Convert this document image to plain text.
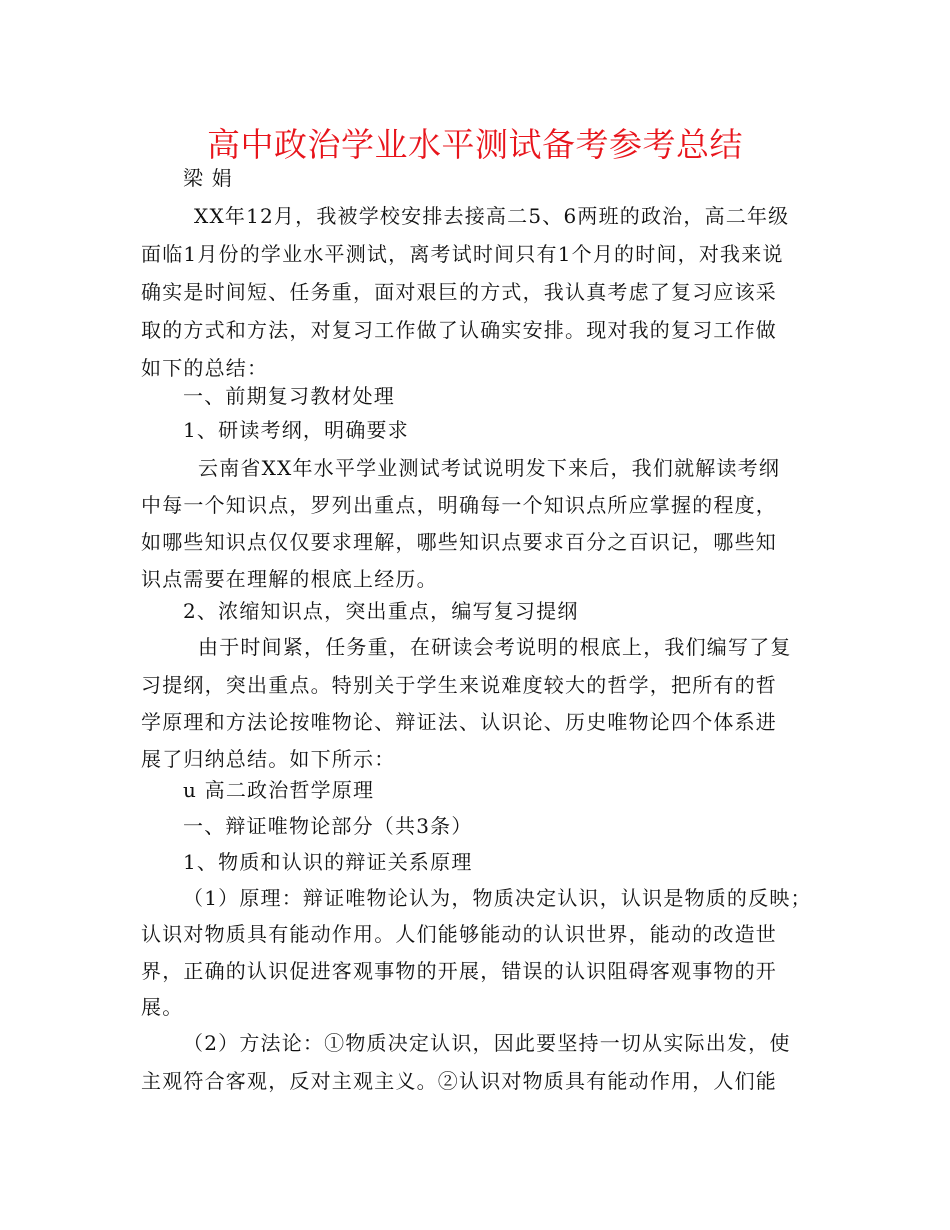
高中政治学业水平测试备考参考总结
梁 娟
XX年12月，我被学校安排去接高二5、6两班的政治，高二年级
面临1月份的学业水平测试，离考试时间只有1个月的时间，对我来说
确实是时间短、任务重，面对艰巨的方式，我认真考虑了复习应该采
取的方式和方法，对复习工作做了认确实安排。现对我的复习工作做
如下的总结：
一、前期复习教材处理
1、研读考纲，明确要求
云南省XX年水平学业测试考试说明发下来后，我们就解读考纲
中每一个知识点，罗列出重点，明确每一个知识点所应掌握的程度，
如哪些知识点仅仅要求理解，哪些知识点要求百分之百识记，哪些知
识点需要在理解的根底上经历。
2、浓缩知识点，突出重点，编写复习提纲
由于时间紧，任务重，在研读会考说明的根底上，我们编写了复
习提纲，突出重点。特别关于学生来说难度较大的哲学，把所有的哲
学原理和方法论按唯物论、辩证法、认识论、历史唯物论四个体系进
展了归纳总结。如下所示：
u 高二政治哲学原理
一、辩证唯物论部分（共3条）
1、物质和认识的辩证关系原理
（1）原理：辩证唯物论认为，物质决定认识，认识是物质的反映；
认识对物质具有能动作用。人们能够能动的认识世界，能动的改造世
界，正确的认识促进客观事物的开展，错误的认识阻碍客观事物的开
展。
（2）方法论：①物质决定认识，因此要坚持一切从实际出发，使
主观符合客观，反对主观主义。②认识对物质具有能动作用，人们能
